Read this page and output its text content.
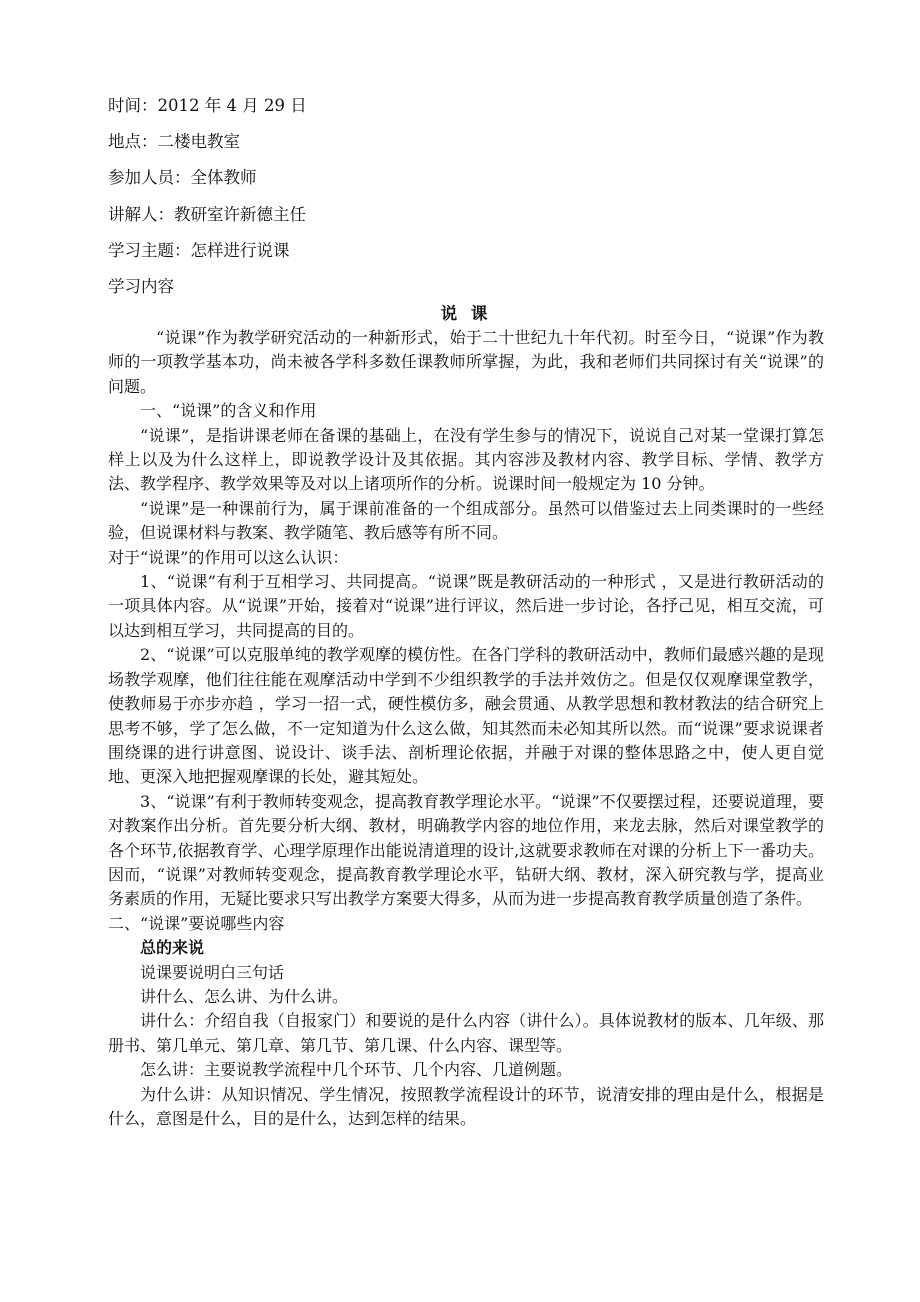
时间：2012 年 4 月 29 日
地点：二楼电教室
参加人员：全体教师
讲解人：教研室许新德主任
学习主题：怎样进行说课
学习内容
说 课

“说课”作为教学研究活动的一种新形式，始于二十世纪九十年代初。时至今日，“说课”作为教师的一项教学基本功，尚未被各学科多数任课教师所掌握，为此，我和老师们共同探讨有关“说课”的问题。

一、“说课”的含义和作用

“说课”，是指讲课老师在备课的基础上，在没有学生参与的情况下，说说自己对某一堂课打算怎样上以及为什么这样上，即说教学设计及其依据。其内容涉及教材内容、教学目标、学情、教学方法、教学程序、教学效果等及对以上诸项所作的分析。说课时间一般规定为 10 分钟。

“说课”是一种课前行为，属于课前准备的一个组成部分。虽然可以借鉴过去上同类课时的一些经验，但说课材料与教案、教学随笔、教后感等有所不同。

对于“说课”的作用可以这么认识：

1、“说课”有利于互相学习、共同提高。“说课”既是教研活动的一种形式 ，又是进行教研活动的一项具体内容。从“说课”开始，接着对“说课”进行评议，然后进一步讨论，各抒己见，相互交流，可以达到相互学习，共同提高的目的。

2、“说课”可以克服单纯的教学观摩的模仿性。在各门学科的教研活动中，教师们最感兴趣的是现场教学观摩，他们往往能在观摩活动中学到不少组织教学的手法并效仿之。但是仅仅观摩课堂教学，使教师易于亦步亦趋 ，学习一招一式，硬性模仿多，融会贯通、从教学思想和教材教法的结合研究上思考不够，学了怎么做，不一定知道为什么这么做，知其然而未必知其所以然。而“说课”要求说课者围绕课的进行讲意图、说设计、谈手法、剖析理论依据，并融于对课的整体思路之中，使人更自觉地、更深入地把握观摩课的长处，避其短处。

3、“说课”有利于教师转变观念，提高教育教学理论水平。“说课”不仅要摆过程，还要说道理，要对教案作出分析。首先要分析大纲、教材，明确教学内容的地位作用，来龙去脉，然后对课堂教学的各个环节,依据教育学、心理学原理作出能说清道理的设计,这就要求教师在对课的分析上下一番功夫。因而，“说课”对教师转变观念，提高教育教学理论水平，钻研大纲、教材，深入研究教与学，提高业务素质的作用，无疑比要求只写出教学方案要大得多，从而为进一步提高教育教学质量创造了条件。

二、“说课”要说哪些内容

总的来说

说课要说明白三句话

讲什么、怎么讲、为什么讲。

讲什么：介绍自我（自报家门）和要说的是什么内容（讲什么）。具体说教材的版本、几年级、那册书、第几单元、第几章、第几节、第几课、什么内容、课型等。

怎么讲：主要说教学流程中几个环节、几个内容、几道例题。

为什么讲：从知识情况、学生情况，按照教学流程设计的环节，说清安排的理由是什么，根据是什么，意图是什么，目的是什么，达到怎样的结果。
